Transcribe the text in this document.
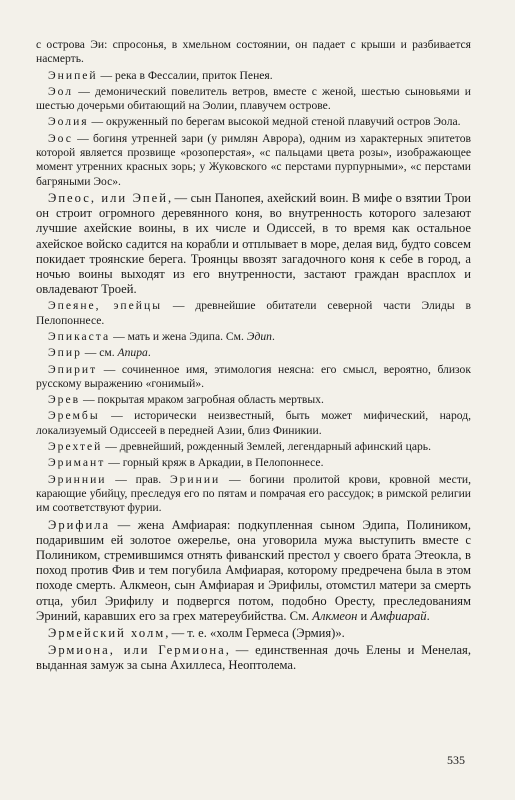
с острова Эи: спросонья, в хмельном состоянии, он падает с крыши и разбивается насмерть.

Энипей — река в Фессалии, приток Пенея.

Эол — демонический повелитель ветров, вместе с женой, шестью сыновьями и шестью дочерьми обитающий на Эолии, плавучем острове.

Эолия — окруженный по берегам высокой медной стеной плавучий остров Эола.

Эос — богиня утренней зари (у римлян Аврора), одним из характерных эпитетов которой является прозвище «розоперстая», «с пальцами цвета розы», изображающее момент утренних красных зорь; у Жуковского «с перстами пурпурными», «с перстами багряными Эос».

Эпеос, или Эпей, — сын Панопея, ахейский воин. В мифе о взятии Трои он строит огромного деревянного коня, во внутренность которого залезают лучшие ахейские воины, в их числе и Одиссей, в то время как остальное ахейское войско садится на корабли и отплывает в море, делая вид, будто совсем покидает троянские берега. Троянцы ввозят загадочного коня к себе в город, а ночью воины выходят из его внутренности, застают граждан врасплох и овладевают Троей.

Эпеяне, эпейцы — древнейшие обитатели северной части Элиды в Пелопоннесе.

Эпикаста — мать и жена Эдипа. См. Эдип.

Эпир — см. Апира.

Эпирит — сочиненное имя, этимология неясна: его смысл, вероятно, близок русскому выражению «гонимый».

Эрев — покрытая мраком загробная область мертвых.

Эрембы — исторически неизвестный, быть может мифический, народ, локализуемый Одиссеей в передней Азии, близ Финикии.

Эрехтей — древнейший, рожденный Землей, легендарный афинский царь.

Эримант — горный кряж в Аркадии, в Пелопоннесе.

Эриннии — прав. Эринии — богини пролитой крови, кровной мести, карающие убийцу, преследуя его по пятам и помрачая его рассудок; в римской религии им соответствуют фурии.

Эрифила — жена Амфиарая: подкупленная сыном Эдипа, Полиником, подарившим ей золотое ожерелье, она уговорила мужа выступить вместе с Полиником, стремившимся отнять фиванский престол у своего брата Этеокла, в поход против Фив и тем погубила Амфиарая, которому предречена была в этом походе смерть. Алкмеон, сын Амфиарая и Эрифилы, отомстил матери за смерть отца, убил Эрифилу и подвергся потом, подобно Оресту, преследованиям Эриний, каравших его за грех матереубийства. См. Алкмеон и Амфиарай.

Эрмейский холм, — т. е. «холм Гермеса (Эрмия)».

Эрмиона, или Гермиона, — единственная дочь Елены и Менелая, выданная замуж за сына Ахиллеса, Неоптолема.

535
